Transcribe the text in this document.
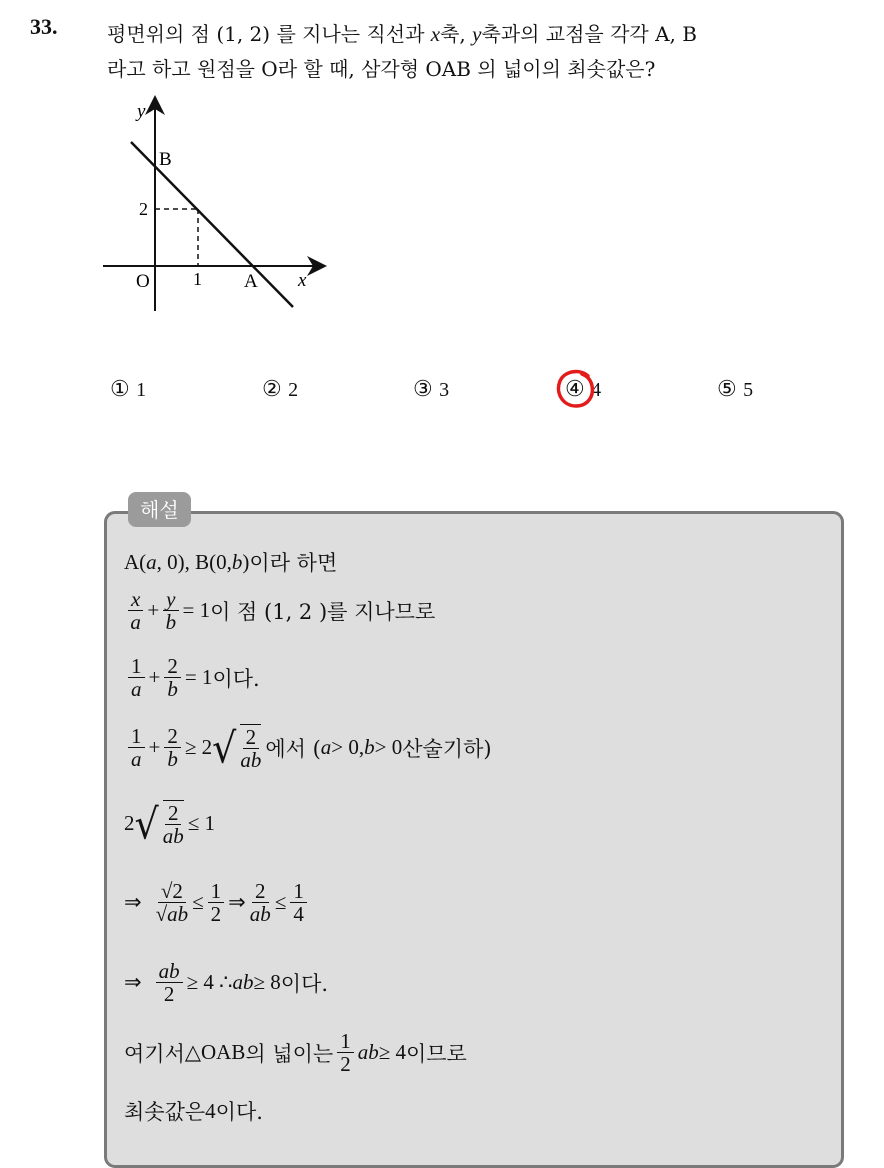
33. 평면위의 점 (1, 2) 를 지나는 직선과 x축, y축과의 교점을 각각 A, B
라고 하고 원점을 O라 할 때, 삼각형 OAB 의 넓이의 최솟값은?
y
x
B
A
O 1
2
① 1	② 2	③ 3	④ 4	⑤ 5
해설
A( a , 0), B(0, b ) 이라 하면
x
$a + \frac{y}{b} = 1$ 이 점 (1, 2 )를 지나므로
1
$a + \frac{2}{b} = 1$ 이다.
1
$a + \frac{2}{b} \ge 2$ √ 2
ab 에서 ( a > 0, b > 0 산술기하)
2 √ 2
ab
≤ 1
⇒ $\frac{√2}{√ab} \le \frac{1}{2}$ ⇒ $\frac{2}{ab} \le \frac{1}{4}$
⇒ $\frac{ab}{2} \ge 4$ ∴ ab ≥ 8 이다.
여기서 △OAB 의 넓이는
1
2 ab ≥ 4 이므로
최솟값은 4 이다.
